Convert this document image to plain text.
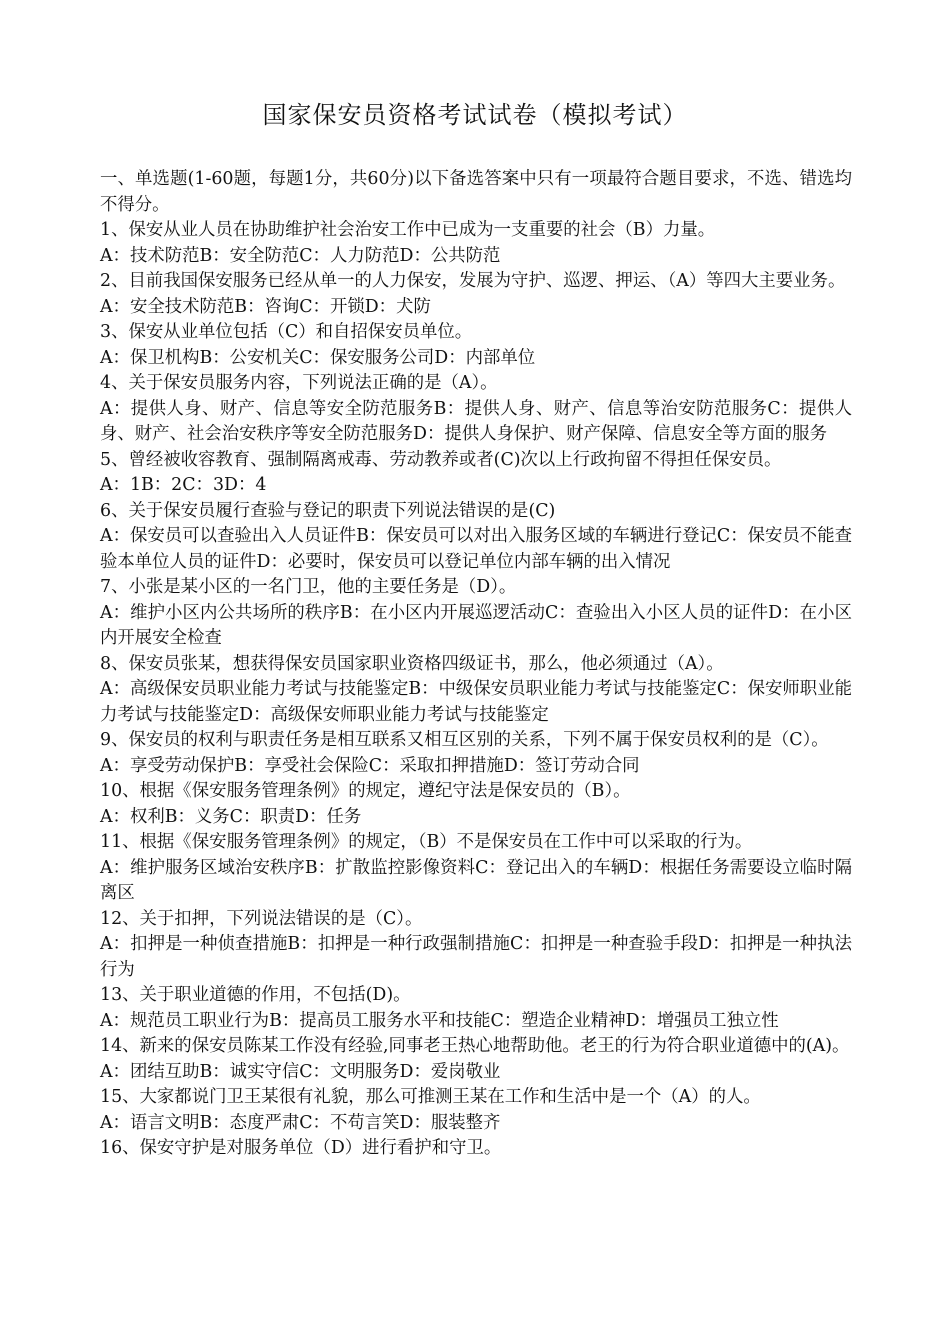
国家保安员资格考试试卷（模拟考试）

一、单选题(1-60题，每题1分，共60分)以下备选答案中只有一项最符合题目要求，不选、错选均不得分。

1、保安从业人员在协助维护社会治安工作中已成为一支重要的社会（B）力量。

A：技术防范B：安全防范C：人力防范D：公共防范

2、目前我国保安服务已经从单一的人力保安，发展为守护、巡逻、押运、（A）等四大主要业务。

A：安全技术防范B：咨询C：开锁D：犬防

3、保安从业单位包括（C）和自招保安员单位。

A：保卫机构B：公安机关C：保安服务公司D：内部单位

4、关于保安员服务内容，下列说法正确的是（A）。

A：提供人身、财产、信息等安全防范服务B：提供人身、财产、信息等治安防范服务C：提供人身、财产、社会治安秩序等安全防范服务D：提供人身保护、财产保障、信息安全等方面的服务

5、曾经被收容教育、强制隔离戒毒、劳动教养或者(C)次以上行政拘留不得担任保安员。

A：1B：2C：3D：4

6、关于保安员履行查验与登记的职责下列说法错误的是(C)

A：保安员可以查验出入人员证件B：保安员可以对出入服务区域的车辆进行登记C：保安员不能查验本单位人员的证件D：必要时，保安员可以登记单位内部车辆的出入情况

7、小张是某小区的一名门卫，他的主要任务是（D）。

A：维护小区内公共场所的秩序B：在小区内开展巡逻活动C：查验出入小区人员的证件D：在小区内开展安全检查

8、保安员张某，想获得保安员国家职业资格四级证书，那么，他必须通过（A）。

A：高级保安员职业能力考试与技能鉴定B：中级保安员职业能力考试与技能鉴定C：保安师职业能力考试与技能鉴定D：高级保安师职业能力考试与技能鉴定

9、保安员的权利与职责任务是相互联系又相互区别的关系，下列不属于保安员权利的是（C）。

A：享受劳动保护B：享受社会保险C：采取扣押措施D：签订劳动合同

10、根据《保安服务管理条例》的规定，遵纪守法是保安员的（B）。

A：权利B：义务C：职责D：任务

11、根据《保安服务管理条例》的规定，（B）不是保安员在工作中可以采取的行为。

A：维护服务区域治安秩序B：扩散监控影像资料C：登记出入的车辆D：根据任务需要设立临时隔离区

12、关于扣押，下列说法错误的是（C）。

A：扣押是一种侦查措施B：扣押是一种行政强制措施C：扣押是一种查验手段D：扣押是一种执法行为

13、关于职业道德的作用，不包括(D)。

A：规范员工职业行为B：提高员工服务水平和技能C：塑造企业精神D：增强员工独立性

14、新来的保安员陈某工作没有经验,同事老王热心地帮助他。老王的行为符合职业道德中的(A)。

A：团结互助B：诚实守信C：文明服务D：爱岗敬业

15、大家都说门卫王某很有礼貌，那么可推测王某在工作和生活中是一个（A）的人。

A：语言文明B：态度严肃C：不苟言笑D：服装整齐

16、保安守护是对服务单位（D）进行看护和守卫。
